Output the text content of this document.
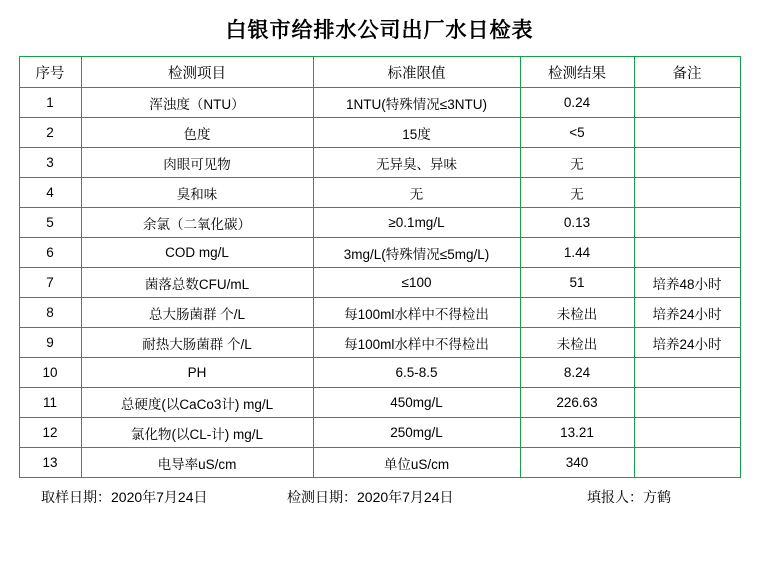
白银市给排水公司出厂水日检表
序号	检测项目	标准限值	检测结果	备注
1	浑浊度（NTU）	1NTU(特殊情况≤3NTU)	0.24	
2	色度	15度	<5	
3	肉眼可见物	无异臭、异味	无	
4	臭和味	无	无	
5	余氯（二氧化碳）	≥0.1mg/L	0.13	
6	COD mg/L	3mg/L(特殊情况≤5mg/L)	1.44	
7	菌落总数CFU/mL	≤100	51	培养48小时
8	总大肠菌群 个/L	每100ml水样中不得检出	未检出	培养24小时
9	耐热大肠菌群 个/L	每100ml水样中不得检出	未检出	培养24小时
10	PH	6.5-8.5	8.24	
11	总硬度(以CaCo3计) mg/L	450mg/L	226.63	
12	氯化物(以CL-计) mg/L	250mg/L	13.21	
13	电导率uS/cm	单位uS/cm	340	
取样日期：2020年7月24日	检测日期：2020年7月24日	填报人：方鹤
